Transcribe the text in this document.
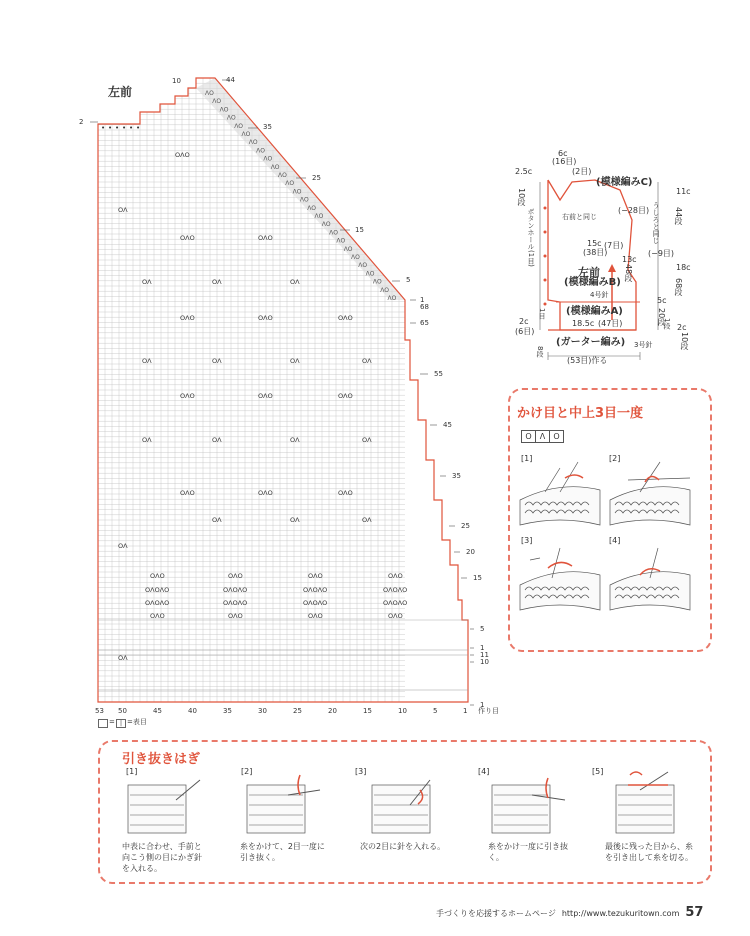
左前	ΛO
ΛO
ΛO
ΛO
ΛO
ΛO
ΛO
ΛO
ΛO
ΛO
ΛO
ΛO
ΛO
ΛO
ΛO
ΛO
ΛO
ΛO
ΛO
ΛO
ΛO
ΛO
ΛO
ΛO
ΛO
ΛO
• • • • • •
OΛO
OΛ
OΛO	OΛO
OΛ	OΛ	OΛ
OΛO	OΛO	OΛO
OΛ	OΛ	OΛ	OΛ
OΛO	OΛO	OΛO
OΛ	OΛ	OΛ	OΛ
OΛO	OΛO	OΛO
OΛ	OΛ	OΛ
OΛ
OΛO	OΛO	OΛO	OΛO
OΛOΛO	OΛOΛO	OΛOΛO	OΛOΛO
OΛOΛO	OΛOΛO	OΛOΛO	OΛOΛO
OΛO	OΛO	OΛO	OΛO
OΛ
10	44
2
35
25
15
5
1
68
65
55
45
35
25
20
15
5
1
11
10
1
53 50	45	40	35	30	25	20	15	10	5	1 作り目
= | =表目
6c
(16目)
2.5c
10段
(2目)
(模様編みC)
右前と同じ
(−28目)
ボタンホール(1目)	うしろと同じ
11c
44段
15c
(38目)
(7目)
13c
(−9目)
48段	18c
68段
左前
(模様編みB)
4号針
(模様編みA)
5c
20段
2c
(6目)
1目
18.5c (47目)	2c
10段
1段
(ガーター編み) 3号針
8段
(53目)作る
かけ目と中上3目一度
O	Λ	O
[1]	[2]
[3]	[4]
引き抜きはぎ
[1]	[2]	[3]	[4]	[5]
中表に合わせ、手前と向こう側の目にかぎ針を入れる。
糸をかけて、2目一度に引き抜く。
次の2目に針を入れる。	糸をかけ一度に引き抜く。
最後に残った目から、糸を引き出して糸を切る。
手づくりを応援するホームページ http://www.tezukuritown.com 57
